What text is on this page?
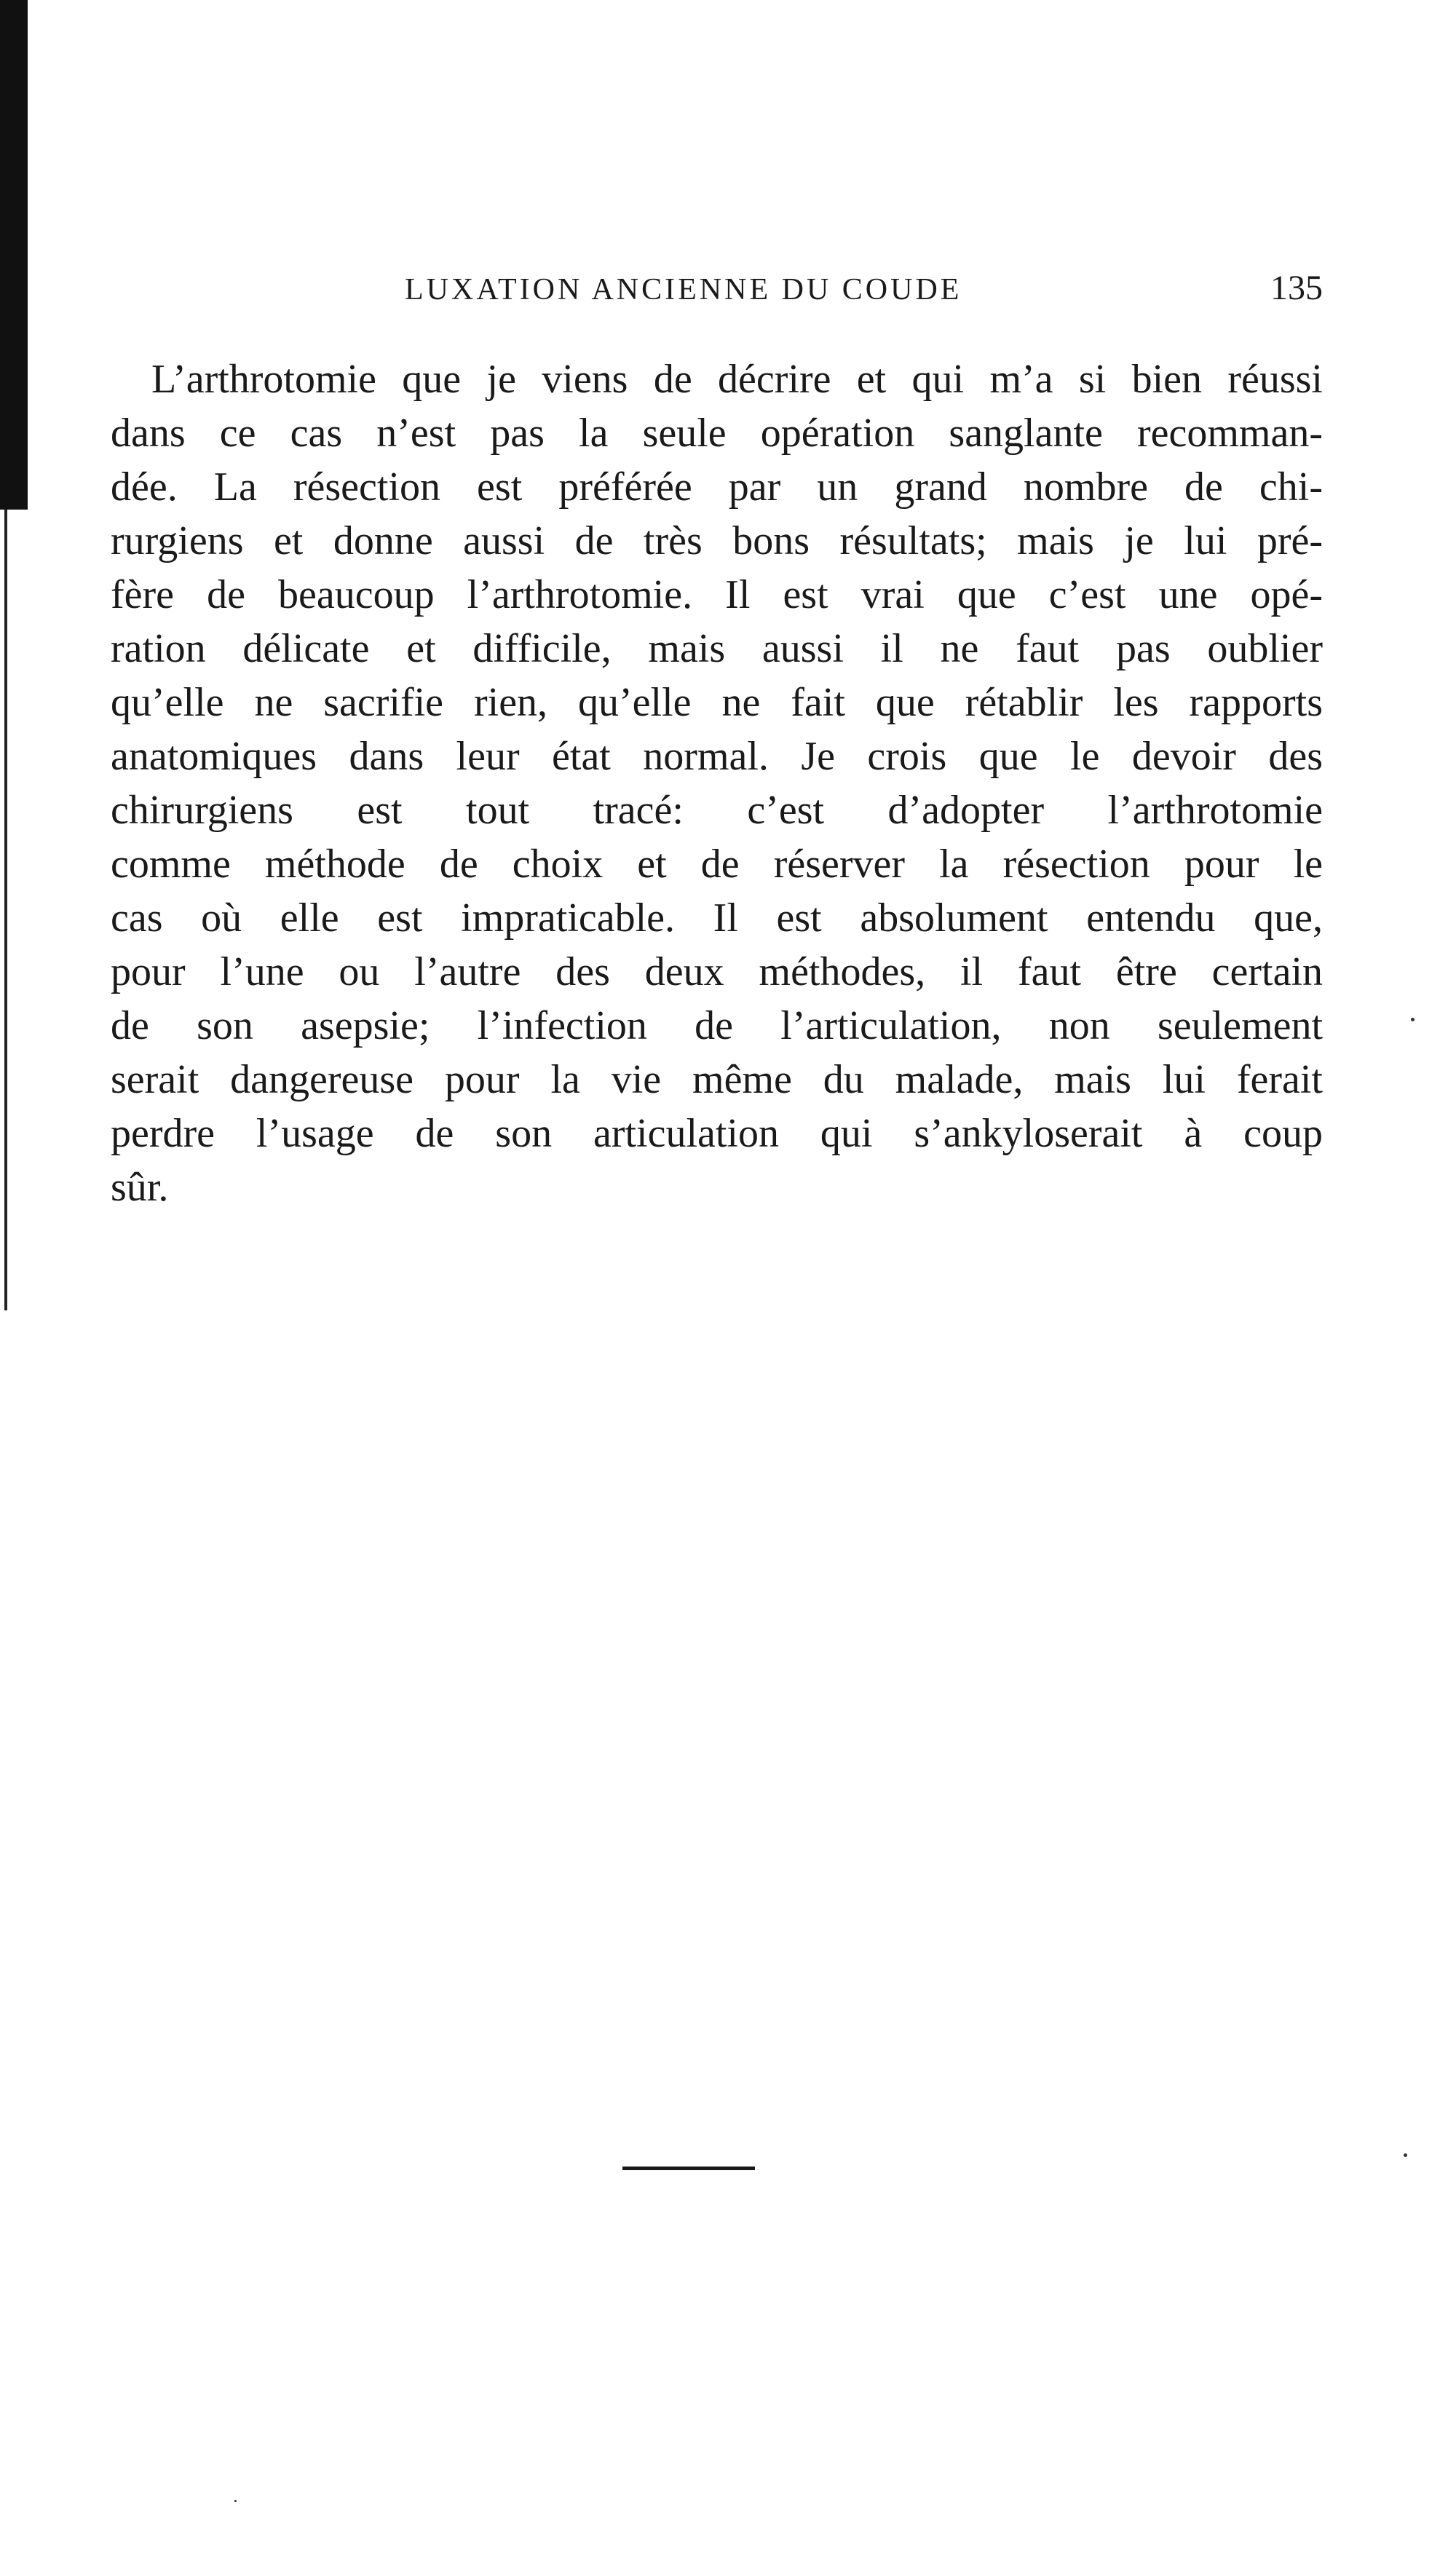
LUXATION ANCIENNE DU COUDE	135
L’arthrotomie que je viens de décrire et qui m’a si bien réussi
dans ce cas n’est pas la seule opération sanglante recomman-
dée. La résection est préférée par un grand nombre de chi-
rurgiens et donne aussi de très bons résultats; mais je lui pré-
fère de beaucoup l’arthrotomie. Il est vrai que c’est une opé-
ration délicate et difficile, mais aussi il ne faut pas oublier
qu’elle ne sacrifie rien, qu’elle ne fait que rétablir les rapports
anatomiques dans leur état normal. Je crois que le devoir des
chirurgiens est tout tracé: c’est d’adopter l’arthrotomie
comme méthode de choix et de réserver la résection pour le
cas où elle est impraticable. Il est absolument entendu que,
pour l’une ou l’autre des deux méthodes, il faut être certain
de son asepsie; l’infection de l’articulation, non seulement
serait dangereuse pour la vie même du malade, mais lui ferait
perdre l’usage de son articulation qui s’ankyloserait à coup
sûr.
